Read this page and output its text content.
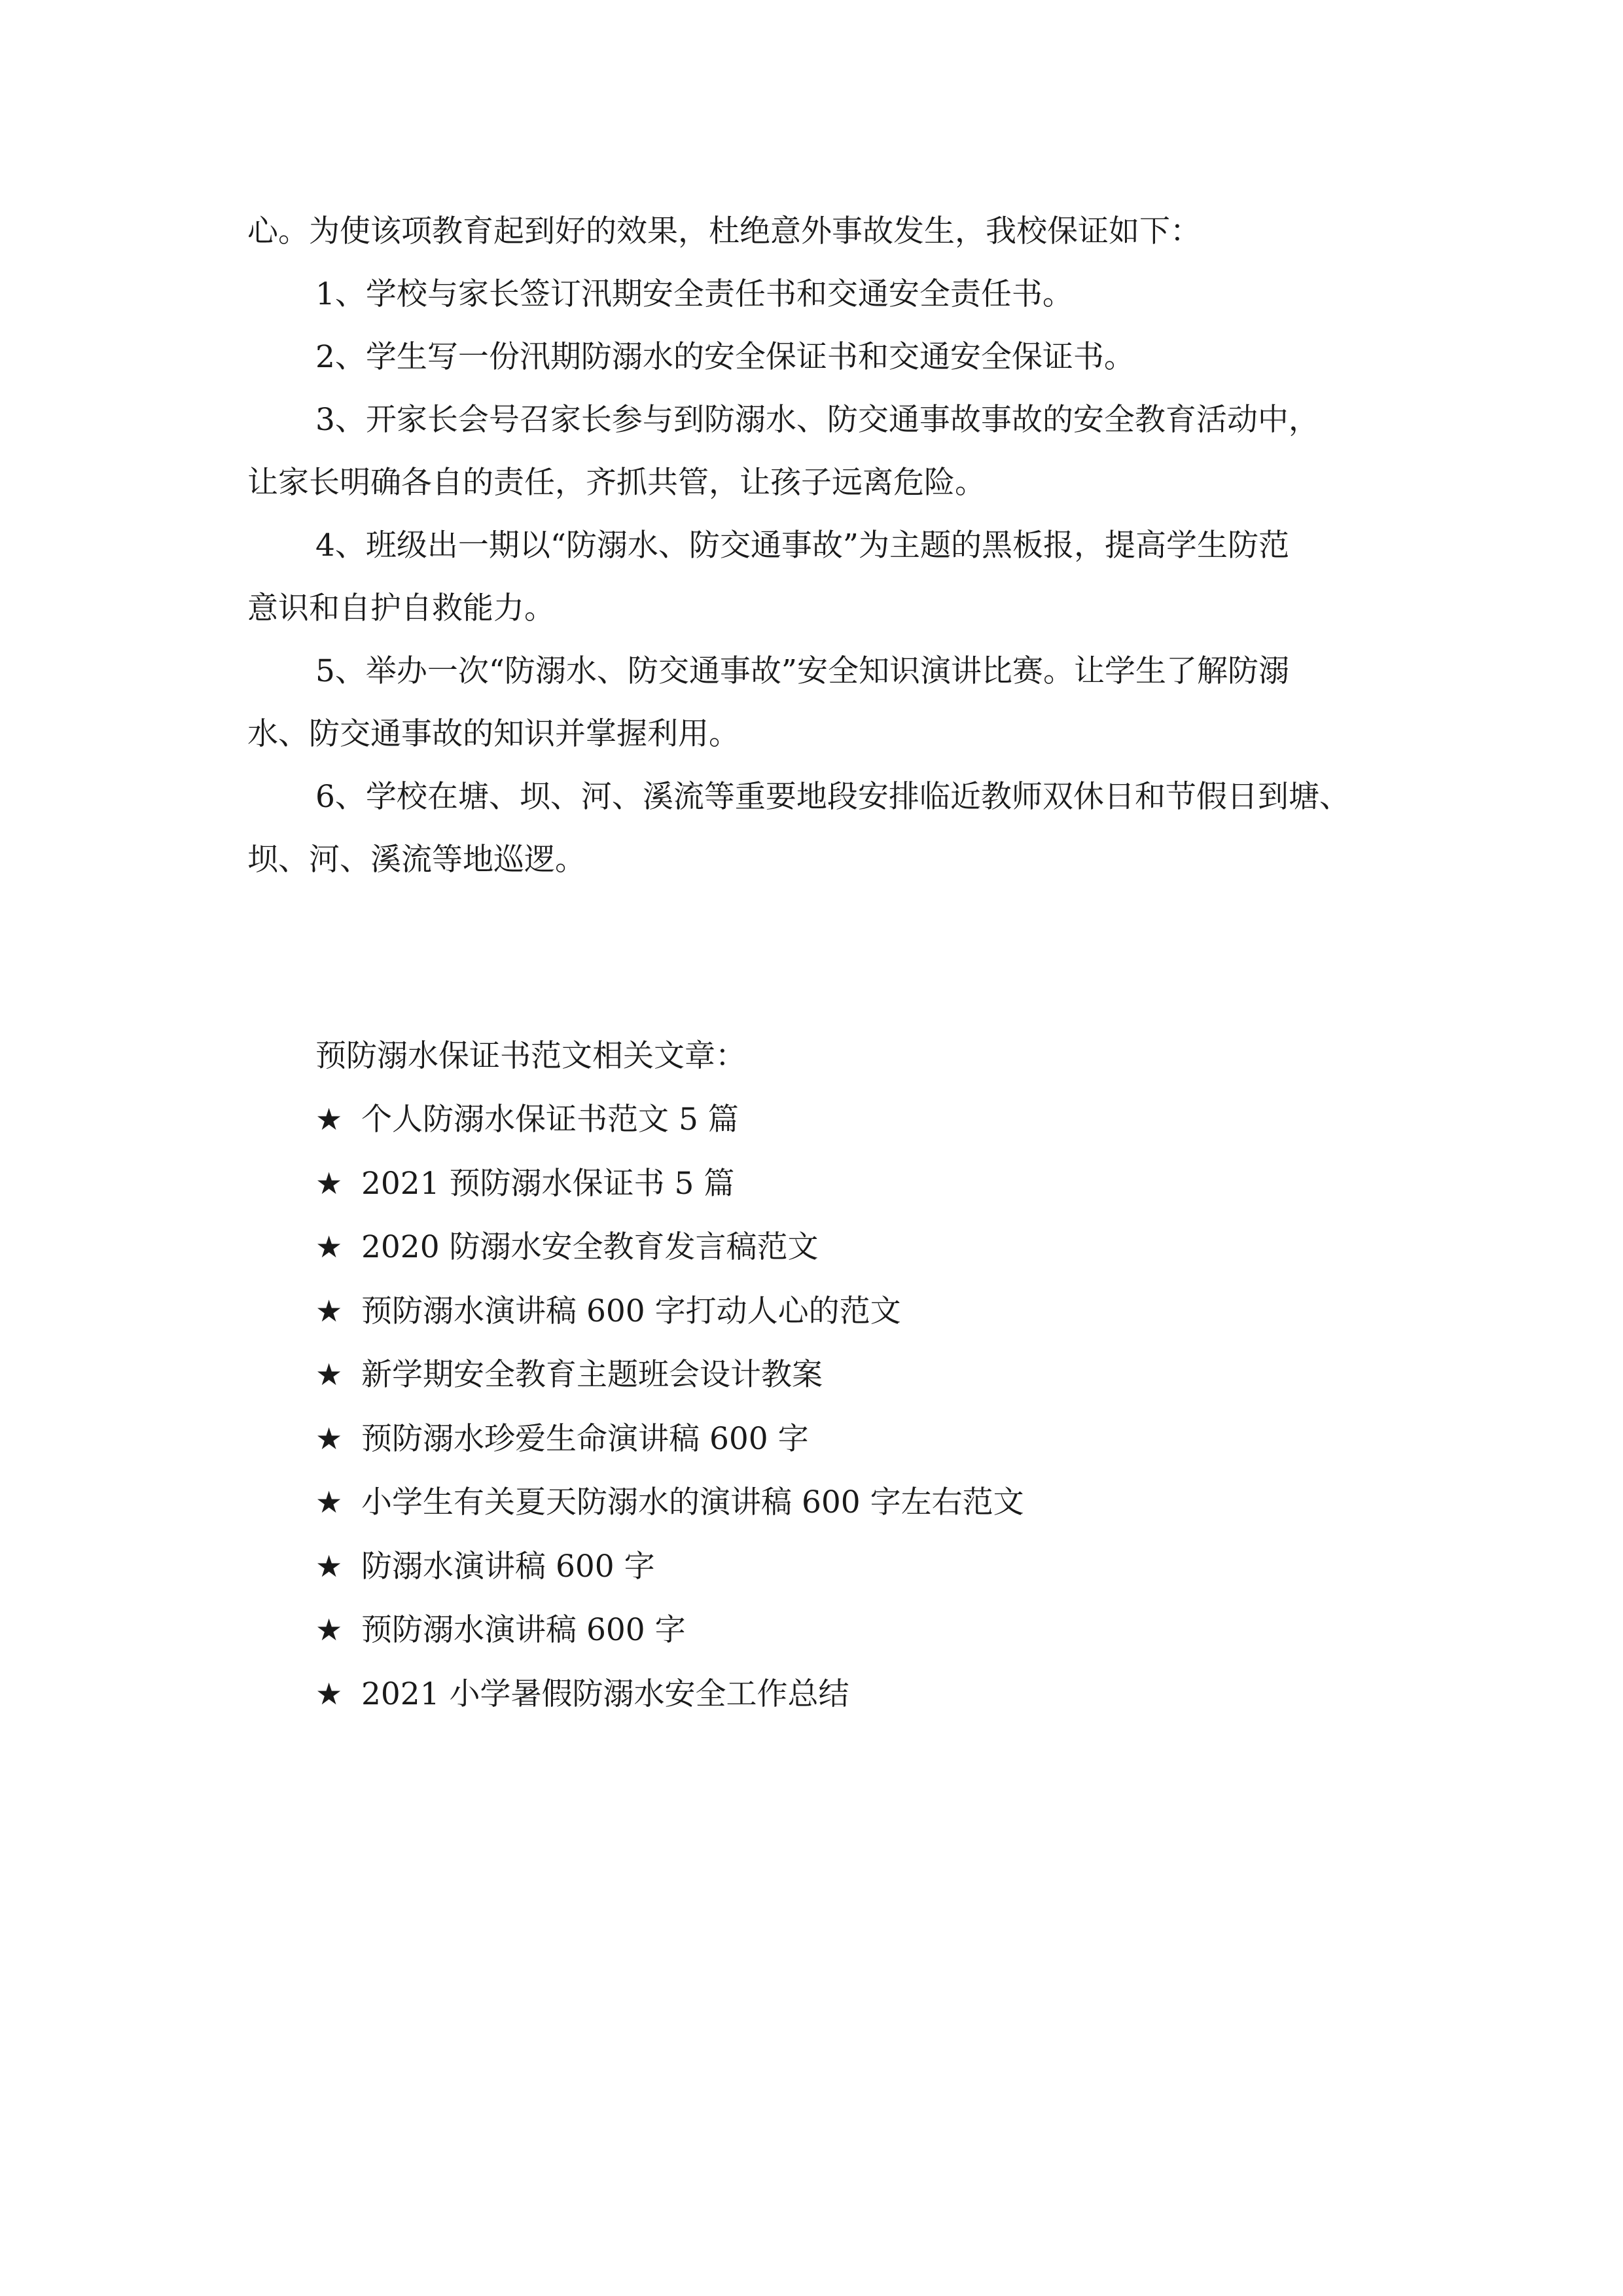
心。为使该项教育起到好的效果，杜绝意外事故发生，我校保证如下：

1、学校与家长签订汛期安全责任书和交通安全责任书。

2、学生写一份汛期防溺水的安全保证书和交通安全保证书。

3、开家长会号召家长参与到防溺水、防交通事故事故的安全教育活动中，

让家长明确各自的责任，齐抓共管，让孩子远离危险。

4、班级出一期以“防溺水、防交通事故”为主题的黑板报，提高学生防范

意识和自护自救能力。

5、举办一次“防溺水、防交通事故”安全知识演讲比赛。让学生了解防溺

水、防交通事故的知识并掌握利用。

6、学校在塘、坝、河、溪流等重要地段安排临近教师双休日和节假日到塘、

坝、河、溪流等地巡逻。

预防溺水保证书范文相关文章：

★ 个人防溺水保证书范文 5 篇
★ 2021 预防溺水保证书 5 篇
★ 2020 防溺水安全教育发言稿范文
★ 预防溺水演讲稿 600 字打动人心的范文
★ 新学期安全教育主题班会设计教案
★ 预防溺水珍爱生命演讲稿 600 字
★ 小学生有关夏天防溺水的演讲稿 600 字左右范文
★ 防溺水演讲稿 600 字
★ 预防溺水演讲稿 600 字
★ 2021 小学暑假防溺水安全工作总结
